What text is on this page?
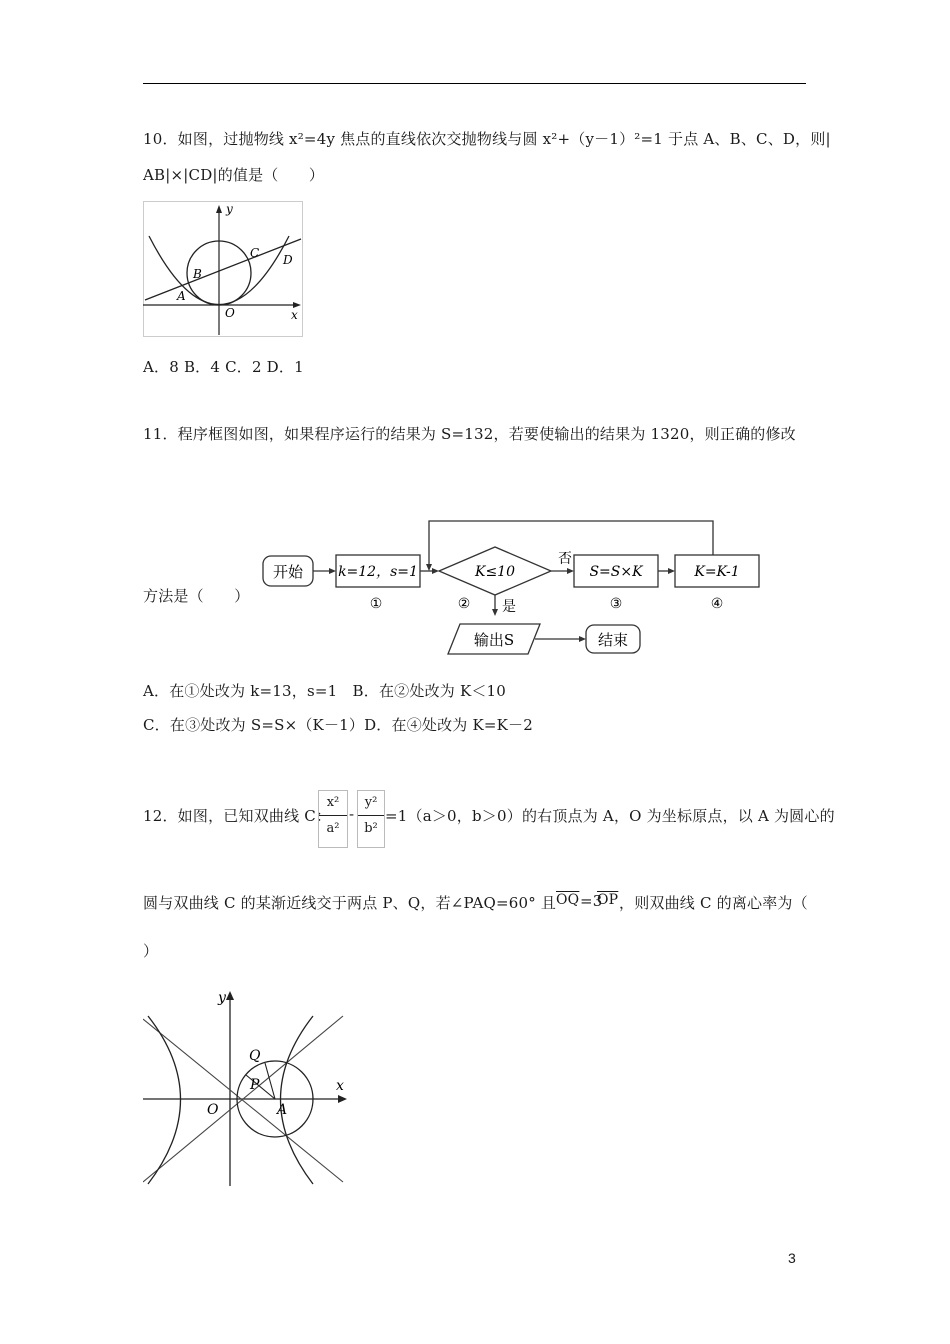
10．如图，过抛物线 x²=4y 焦点的直线依次交抛物线与圆 x²+（y－1）²=1 于点 A、B、C、D，则|
AB|×|CD|的值是（　　）
y
x
A
B
C D
O
A．8 B．4 C．2 D．1
11．程序框图如图，如果程序运行的结果为 S=132，若要使输出的结果为 1320，则正确的修改
方法是（　　）
开始	k=12，s=1
①
K≤10
②
否
S=S×K
③
K=K-1
④
是
输出S	结束
A．在①处改为 k=13，s=1　B．在②处改为 K＜10
C．在③处改为 S=S×（K－1）D．在④处改为 K=K－2
12．如图，已知双曲线 C：
$\frac{\text{x²}}{\text{a²}} - \frac{\text{y²}}{\text{b²}} =1(a>0$，b＞0）的右顶点为 A，O 为坐标原点，以 A 为圆心的
圆与双曲线 C 的某渐近线交于两点 P、Q，若∠PAQ=60° 且 $\overline{OQ} =3$
$\overline{OP}$ ，则双曲线 C 的离心率为（
）
y
x
O	A
P
Q
3
